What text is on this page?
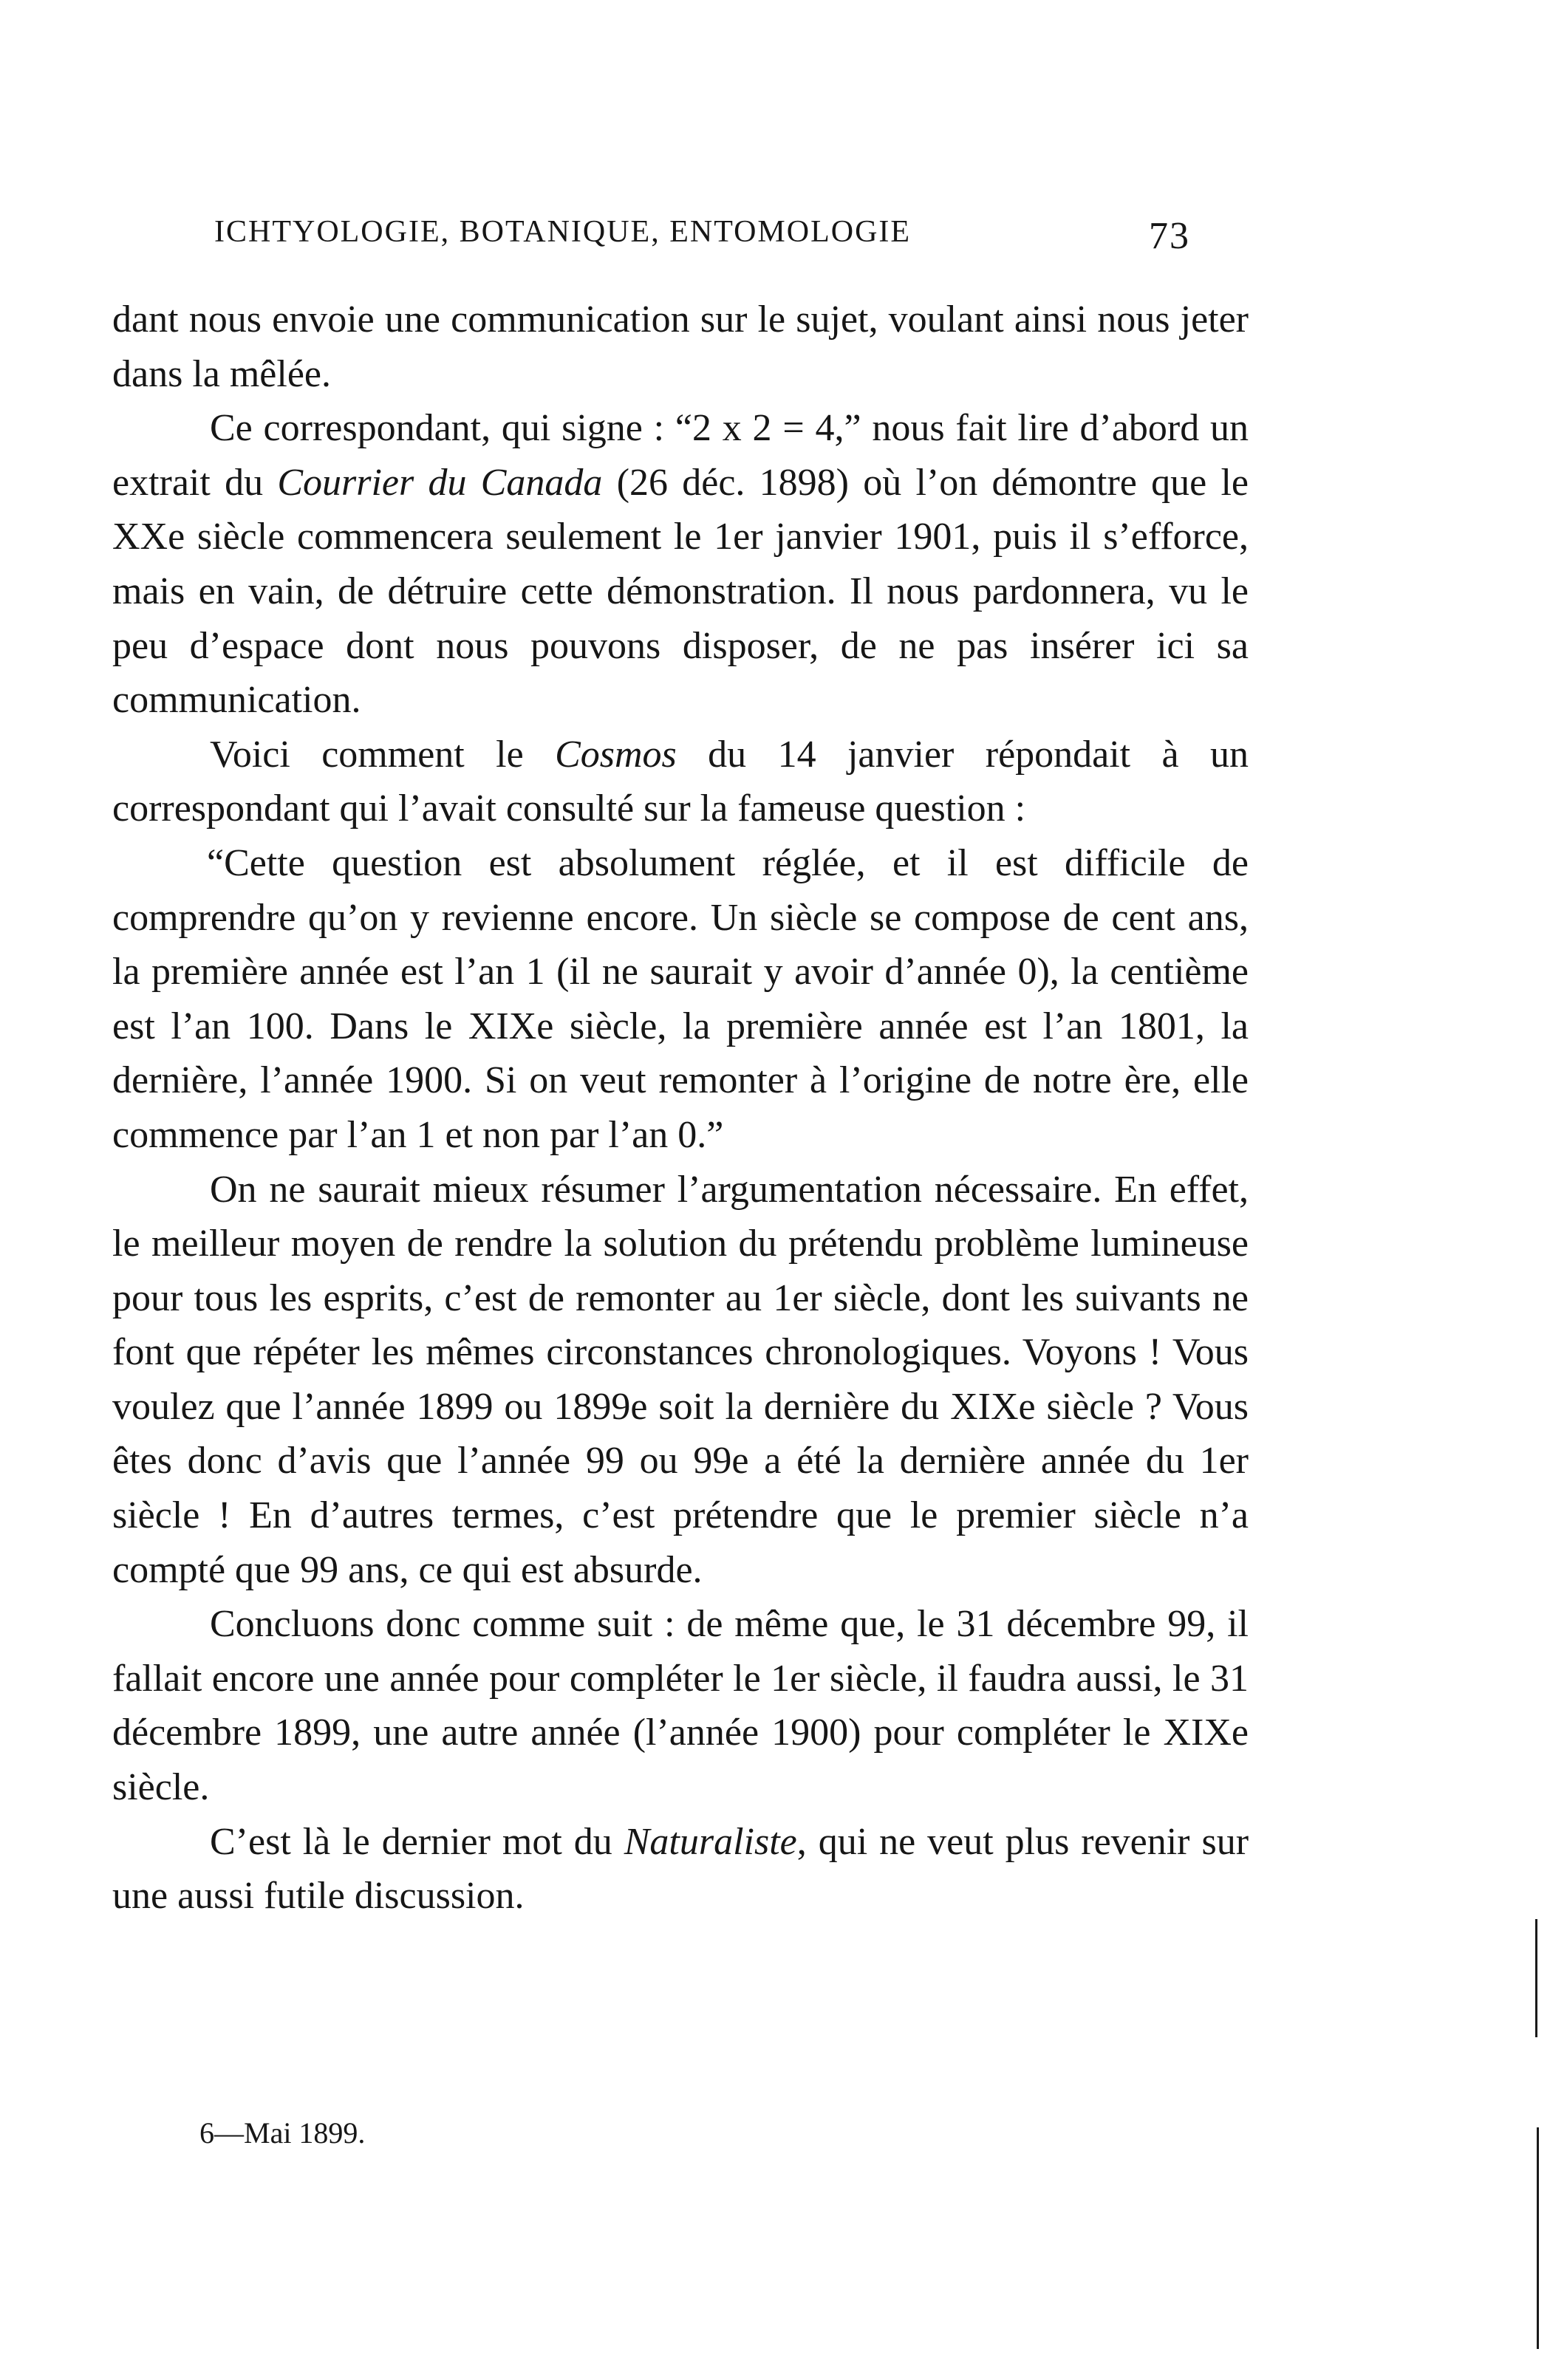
ICHTYOLOGIE, BOTANIQUE, ENTOMOLOGIE	73

dant nous envoie une communication sur le sujet, voulant ainsi nous jeter dans la mêlée.

Ce correspondant, qui signe : “2 x 2 = 4,” nous fait lire d’abord un extrait du Courrier du Canada (26 déc. 1898) où l’on démontre que le XXe siècle commencera seulement le 1er janvier 1901, puis il s’efforce, mais en vain, de détruire cette démonstration. Il nous pardonnera, vu le peu d’espace dont nous pouvons disposer, de ne pas insérer ici sa communication.

Voici comment le Cosmos du 14 janvier répondait à un correspondant qui l’avait consulté sur la fameuse question :

“Cette question est absolument réglée, et il est difficile de comprendre qu’on y revienne encore. Un siècle se compose de cent ans, la première année est l’an 1 (il ne saurait y avoir d’année 0), la centième est l’an 100. Dans le XIXe siècle, la première année est l’an 1801, la dernière, l’année 1900. Si on veut remonter à l’origine de notre ère, elle commence par l’an 1 et non par l’an 0.”

On ne saurait mieux résumer l’argumentation nécessaire. En effet, le meilleur moyen de rendre la solution du prétendu problème lumineuse pour tous les esprits, c’est de remonter au 1er siècle, dont les suivants ne font que répéter les mêmes circonstances chronologiques. Voyons ! Vous voulez que l’année 1899 ou 1899e soit la dernière du XIXe siècle ? Vous êtes donc d’avis que l’année 99 ou 99e a été la dernière année du 1er siècle ! En d’autres termes, c’est prétendre que le premier siècle n’a compté que 99 ans, ce qui est absurde.

Concluons donc comme suit : de même que, le 31 décembre 99, il fallait encore une année pour compléter le 1er siècle, il faudra aussi, le 31 décembre 1899, une autre année (l’année 1900) pour compléter le XIXe siècle.

C’est là le dernier mot du Naturaliste, qui ne veut plus revenir sur une aussi futile discussion.

6—Mai 1899.
